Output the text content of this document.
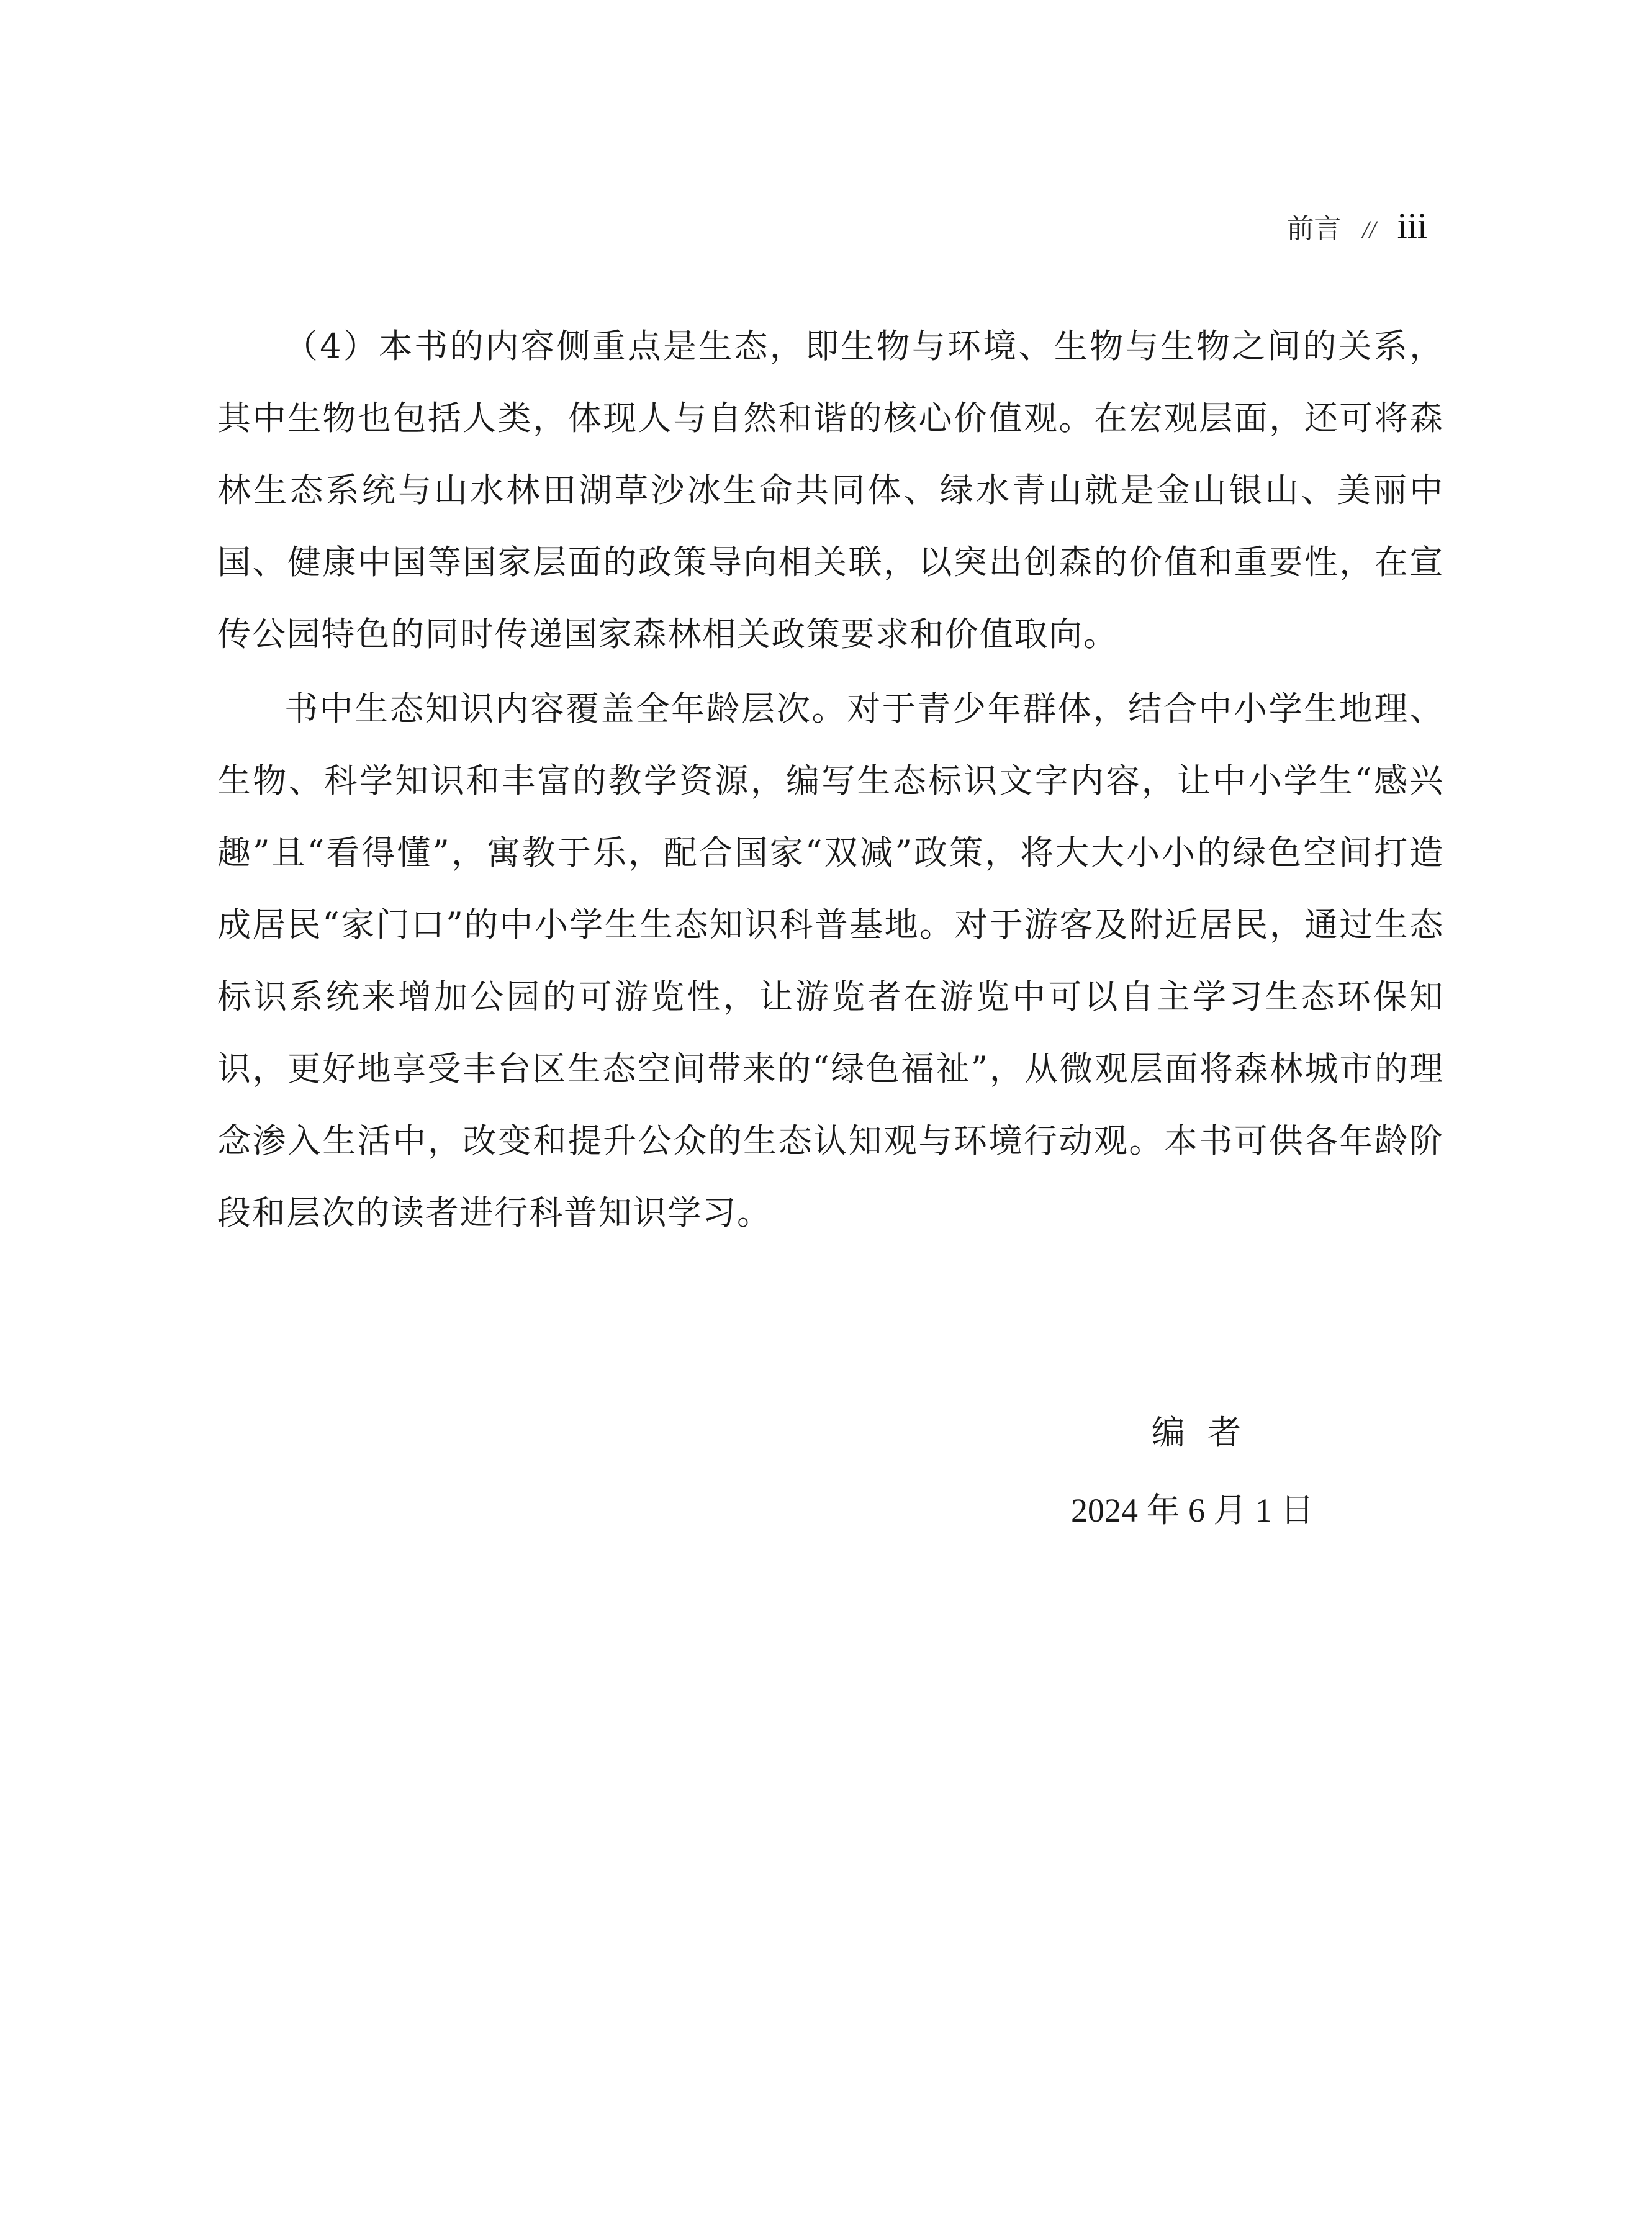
前言 // iii

（4）本书的内容侧重点是生态，即生物与环境、生物与生物之间的关系，其中生物也包括人类，体现人与自然和谐的核心价值观。在宏观层面，还可将森林生态系统与山水林田湖草沙冰生命共同体、绿水青山就是金山银山、美丽中国、健康中国等国家层面的政策导向相关联，以突出创森的价值和重要性，在宣传公园特色的同时传递国家森林相关政策要求和价值取向。

书中生态知识内容覆盖全年龄层次。对于青少年群体，结合中小学生地理、生物、科学知识和丰富的教学资源，编写生态标识文字内容，让中小学生“感兴趣”且“看得懂”，寓教于乐，配合国家“双减”政策，将大大小小的绿色空间打造成居民“家门口”的中小学生生态知识科普基地。对于游客及附近居民，通过生态标识系统来增加公园的可游览性，让游览者在游览中可以自主学习生态环保知识，更好地享受丰台区生态空间带来的“绿色福祉”，从微观层面将森林城市的理念渗入生活中，改变和提升公众的生态认知观与环境行动观。本书可供各年龄阶段和层次的读者进行科普知识学习。

编者
2024 年 6 月 1 日
